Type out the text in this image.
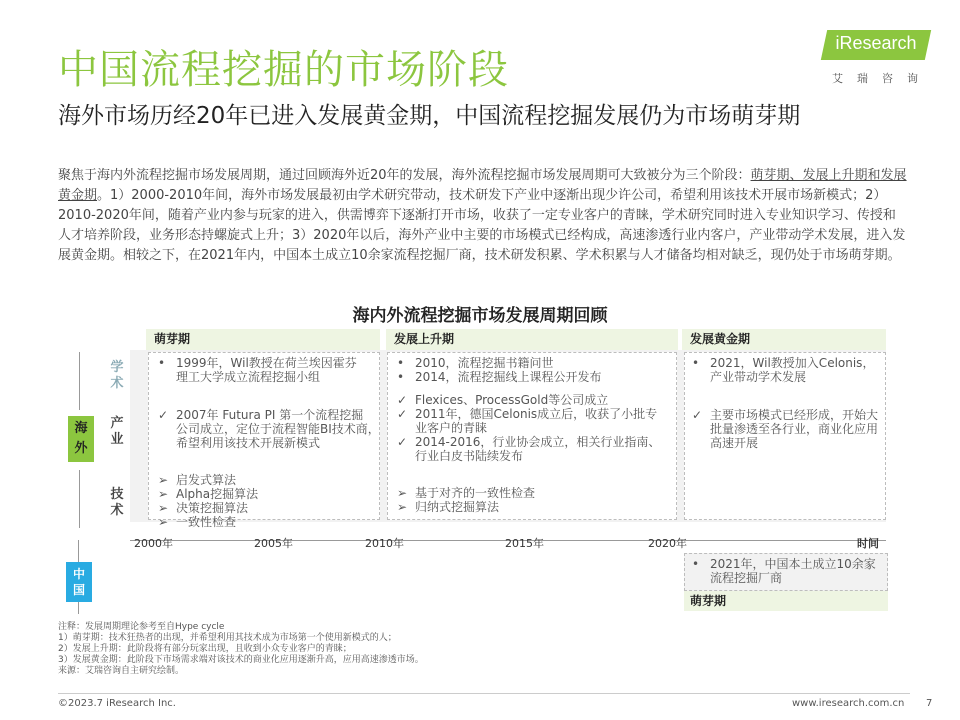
中国流程挖掘的市场阶段
iResearch
艾瑞咨询
海外市场历经20年已进入发展黄金期，中国流程挖掘发展仍为市场萌芽期
聚焦于海内外流程挖掘市场发展周期，通过回顾海外近20年的发展，海外流程挖掘市场发展周期可大致被分为三个阶段：萌芽期、发展上升期和发展黄金期。1）2000-2010年间，海外市场发展最初由学术研究带动，技术研发下产业中逐渐出现少许公司，希望利用该技术开展市场新模式；2）2010-2020年间，随着产业内参与玩家的进入，供需博弈下逐渐打开市场，收获了一定专业客户的青睐，学术研究同时进入专业知识学习、传授和人才培养阶段，业务形态持螺旋式上升；3）2020年以后，海外产业中主要的市场模式已经构成，高速渗透行业内客户，产业带动学术发展，进入发展黄金期。相较之下，在2021年内，中国本土成立10余家流程挖掘厂商，技术研发积累、学术积累与人才储备均相对缺乏，现仍处于市场萌芽期。
海内外流程挖掘市场发展周期回顾
萌芽期	发展上升期	发展黄金期
海
外
学
术
产
业
技
术
• 1999年，Wil教授在荷兰埃因霍芬
理工大学成立流程挖掘小组
✓ 2007年 Futura PI 第一个流程挖掘
公司成立，定位于流程智能BI技术商，
希望利用该技术开展新模式
➢ 启发式算法
➢ Alpha挖掘算法
➢ 决策挖掘算法
➢ 一致性检查
• 2010，流程挖掘书籍问世
• 2014，流程挖掘线上课程公开发布
✓ Flexices、ProcessGold等公司成立
✓ 2011年，德国Celonis成立后，收获了小批专
业客户的青睐
✓ 2014-2016，行业协会成立，相关行业指南、
行业白皮书陆续发布
➢ 基于对齐的一致性检查
➢ 归纳式挖掘算法
• 2021，Wil教授加入Celonis，
产业带动学术发展
✓ 主要市场模式已经形成，开始大
批量渗透至各行业，商业化应用
高速开展
2000年	2005年	2010年	2015年	2020年	时间
中
国
• 2021年，中国本土成立10余家
流程挖掘厂商
萌芽期
注释：发展周期理论参考至自Hype cycle
1）萌芽期：技术狂热者的出现，并希望利用其技术成为市场第一个使用新模式的人；
2）发展上升期：此阶段将有部分玩家出现，且收到小众专业客户的青睐；
3）发展黄金期：此阶段下市场需求端对该技术的商业化应用逐渐升高，应用高速渗透市场。
来源：艾瑞咨询自主研究绘制。
©2023.7 iResearch Inc.	www.iresearch.com.cn 7
